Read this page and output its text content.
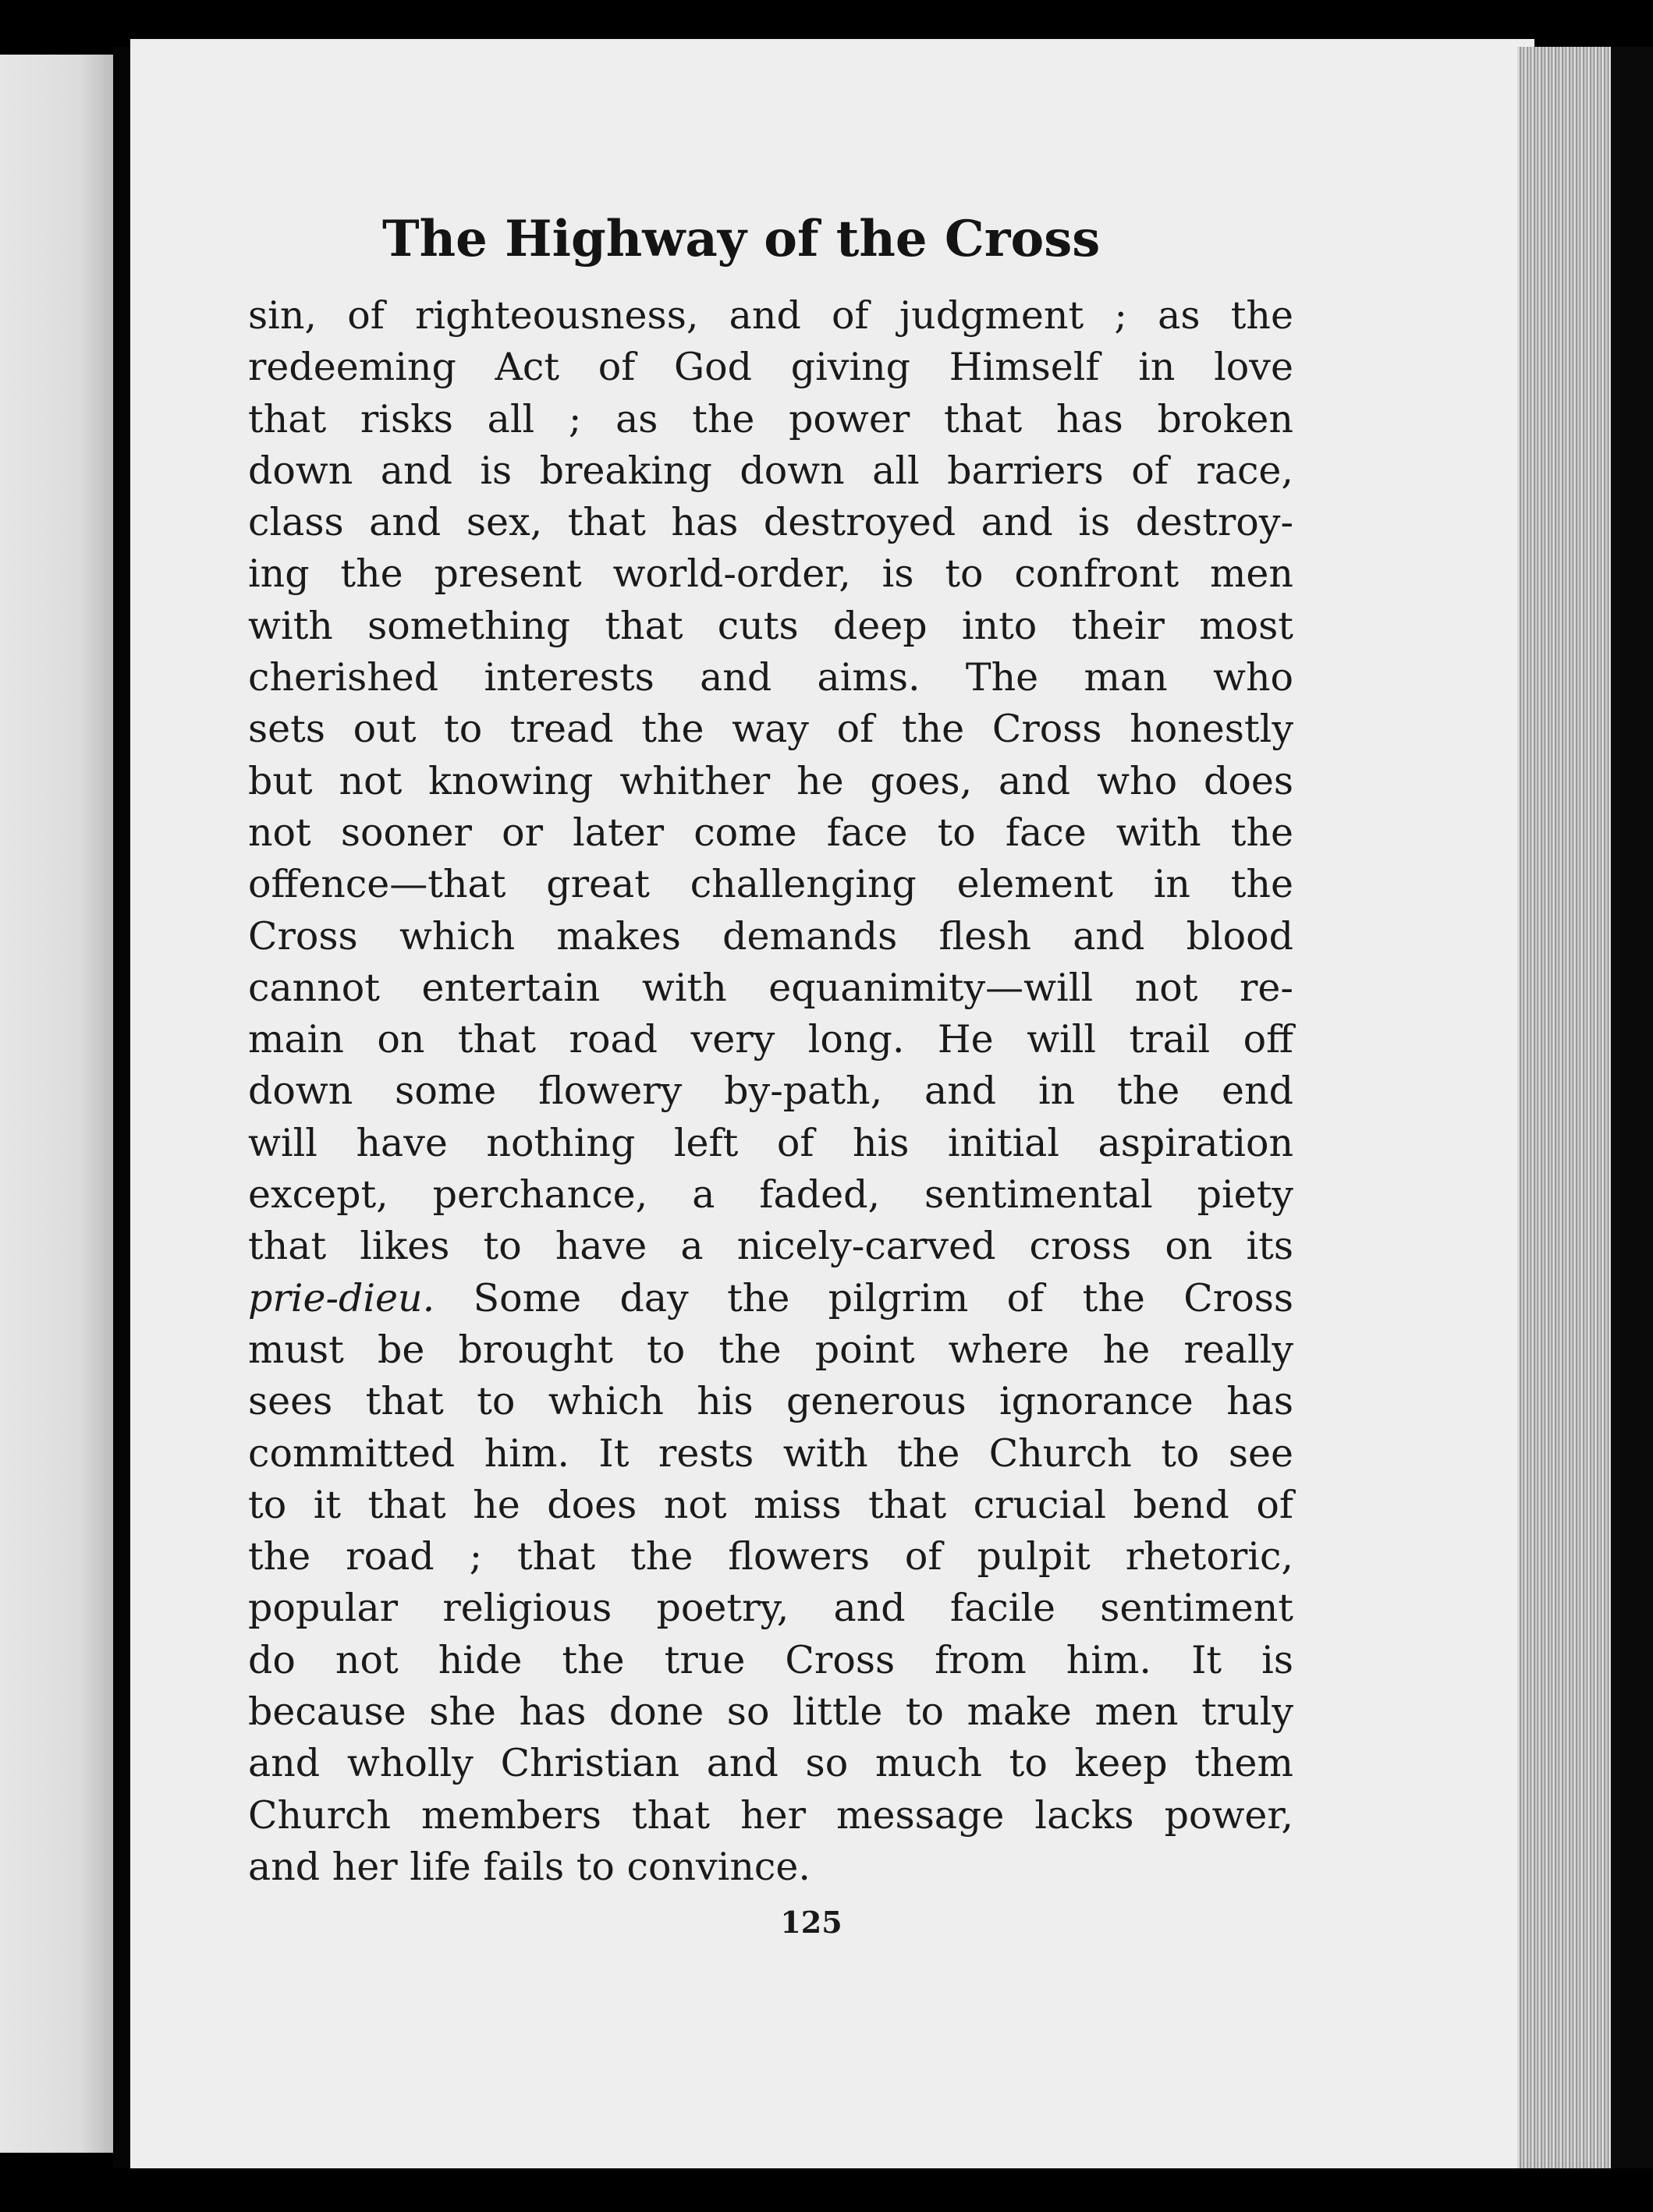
The Highway of the Cross
sin, of righteousness, and of judgment ; as the
redeeming Act of God giving Himself in love
that risks all ; as the power that has broken
down and is breaking down all barriers of race,
class and sex, that has destroyed and is destroy-
ing the present world-order, is to confront men
with something that cuts deep into their most
cherished interests and aims. The man who
sets out to tread the way of the Cross honestly
but not knowing whither he goes, and who does
not sooner or later come face to face with the
offence—that great challenging element in the
Cross which makes demands flesh and blood
cannot entertain with equanimity—will not re-
main on that road very long. He will trail off
down some flowery by-path, and in the end
will have nothing left of his initial aspiration
except, perchance, a faded, sentimental piety
that likes to have a nicely-carved cross on its
prie-dieu. Some day the pilgrim of the Cross
must be brought to the point where he really
sees that to which his generous ignorance has
committed him. It rests with the Church to see
to it that he does not miss that crucial bend of
the road ; that the flowers of pulpit rhetoric,
popular religious poetry, and facile sentiment
do not hide the true Cross from him. It is
because she has done so little to make men truly
and wholly Christian and so much to keep them
Church members that her message lacks power,
and her life fails to convince.
125
